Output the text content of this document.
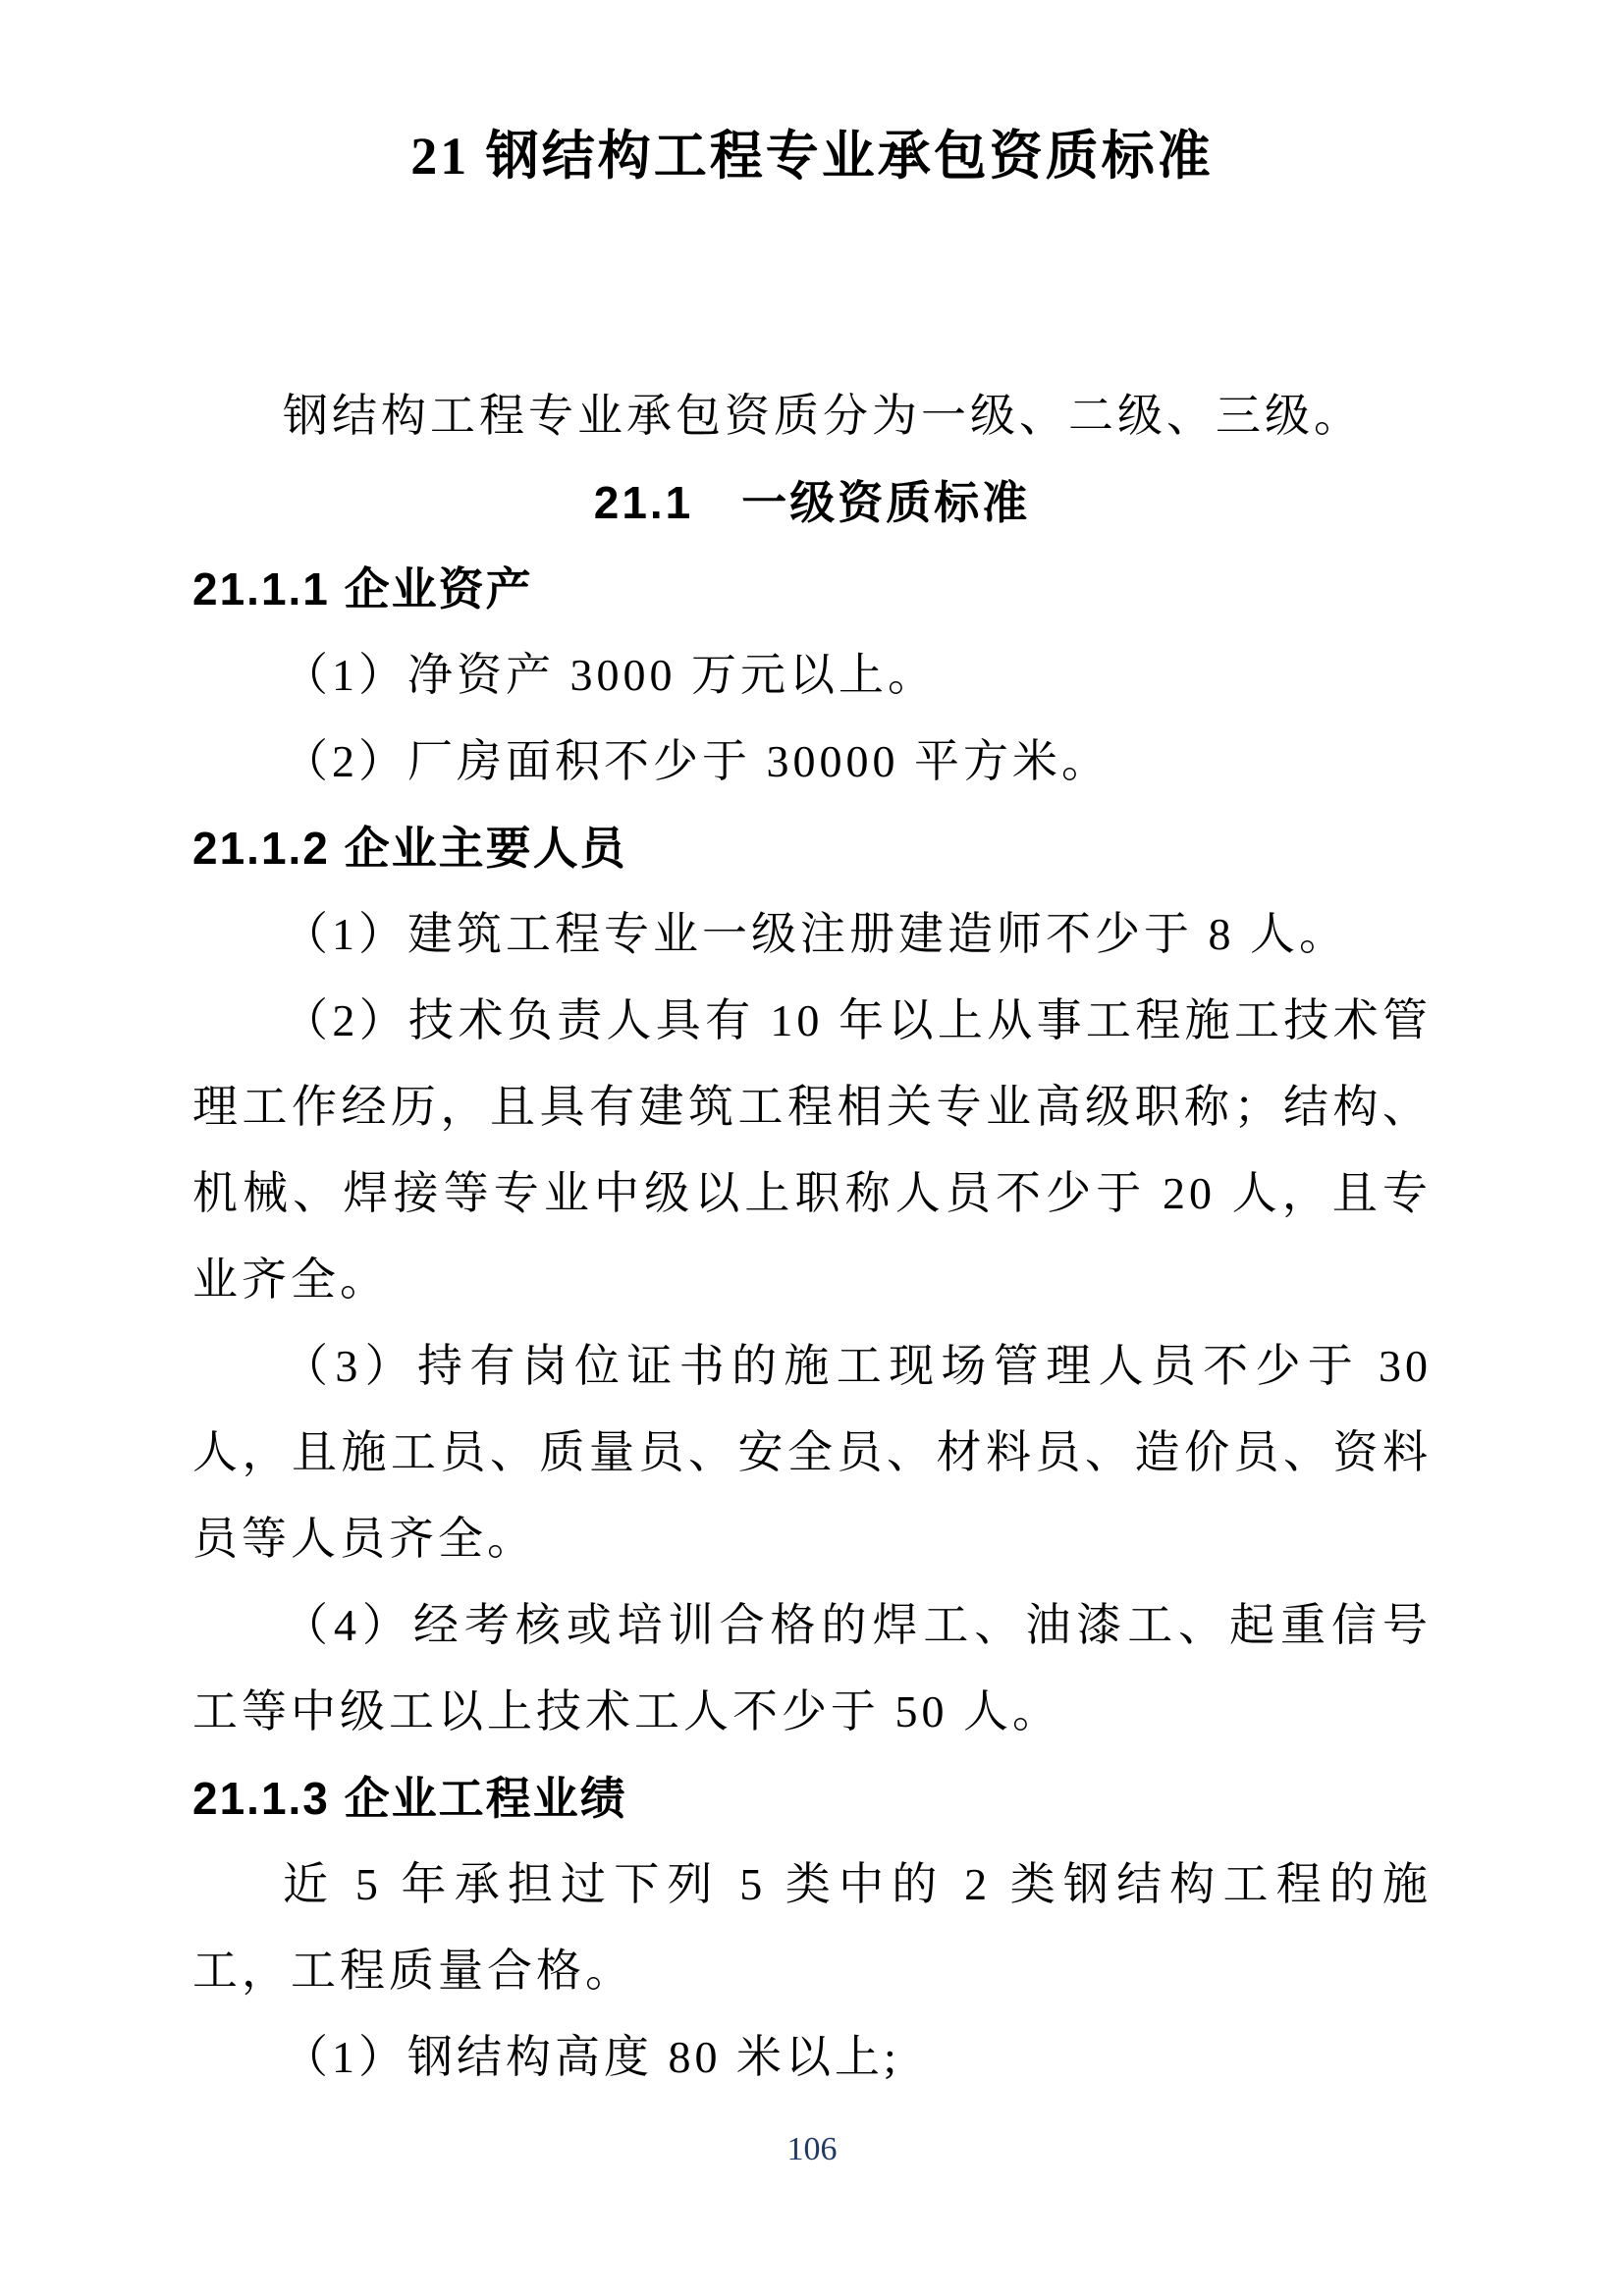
21 钢结构工程专业承包资质标准

钢结构工程专业承包资质分为一级、二级、三级。

21.1　一级资质标准
21.1.1 企业资产

（1）净资产 3000 万元以上。

（2）厂房面积不少于 30000 平方米。

21.1.2 企业主要人员

（1）建筑工程专业一级注册建造师不少于 8 人。

（2）技术负责人具有 10 年以上从事工程施工技术管理工作经历，且具有建筑工程相关专业高级职称；结构、机械、焊接等专业中级以上职称人员不少于 20 人，且专业齐全。

（3）持有岗位证书的施工现场管理人员不少于 30 人，且施工员、质量员、安全员、材料员、造价员、资料员等人员齐全。

（4）经考核或培训合格的焊工、油漆工、起重信号工等中级工以上技术工人不少于 50 人。

21.1.3 企业工程业绩

近 5 年承担过下列 5 类中的 2 类钢结构工程的施工，工程质量合格。

（1）钢结构高度 80 米以上;

106
